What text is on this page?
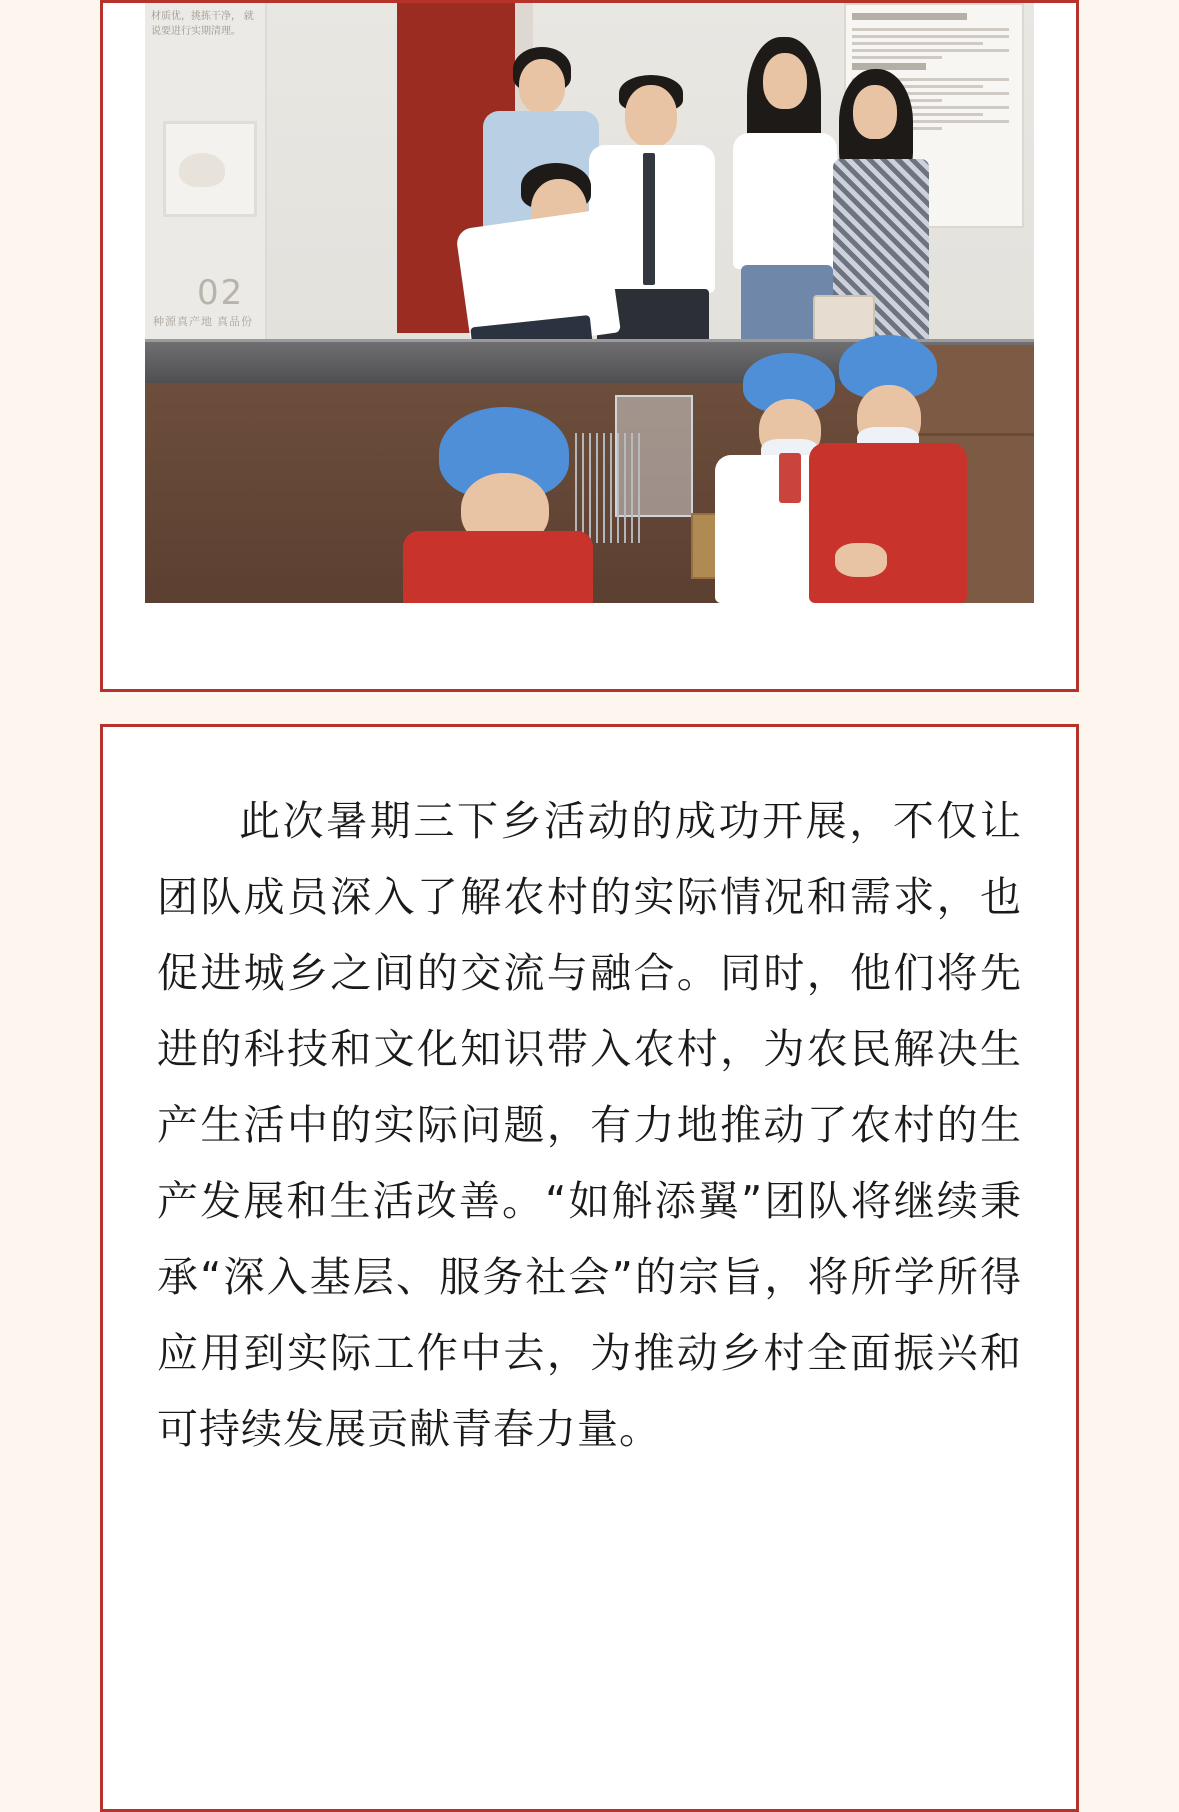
材质优，挑拣干净， 就说要进行实期清理。
02
种源真产地 真品份

此次暑期三下乡活动的成功开展，不仅让团队成员深入了解农村的实际情况和需求，也促进城乡之间的交流与融合。同时，他们将先进的科技和文化知识带入农村，为农民解决生产生活中的实际问题，有力地推动了农村的生产发展和生活改善。“如斛添翼”团队将继续秉承“深入基层、服务社会”的宗旨，将所学所得应用到实际工作中去，为推动乡村全面振兴和可持续发展贡献青春力量。
